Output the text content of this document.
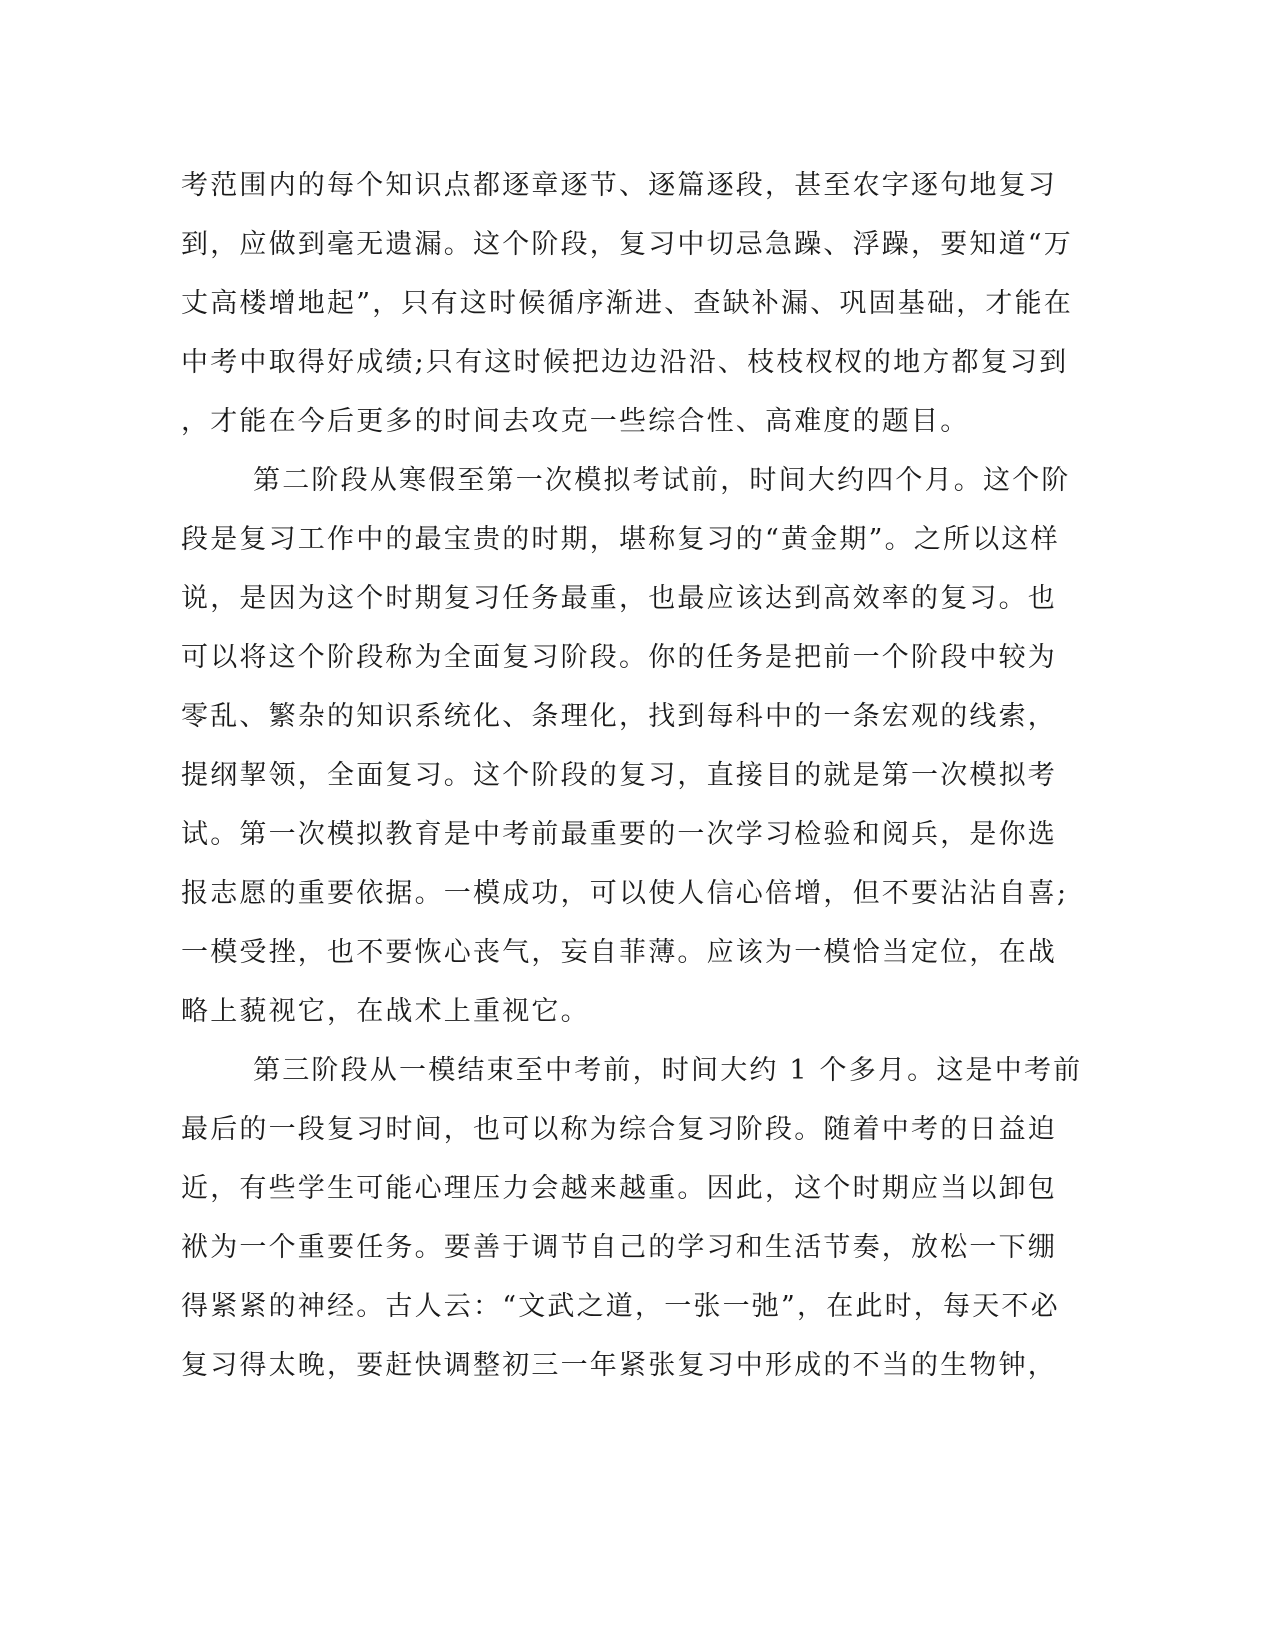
考范围内的每个知识点都逐章逐节、逐篇逐段，甚至农字逐句地复习
到，应做到毫无遗漏。这个阶段，复习中切忌急躁、浮躁，要知道“万
丈高楼增地起”，只有这时候循序渐进、查缺补漏、巩固基础，才能在
中考中取得好成绩;只有这时候把边边沿沿、枝枝杈杈的地方都复习到
，才能在今后更多的时间去攻克一些综合性、高难度的题目。
第二阶段从寒假至第一次模拟考试前，时间大约四个月。这个阶
段是复习工作中的最宝贵的时期，堪称复习的“黄金期”。之所以这样
说，是因为这个时期复习任务最重，也最应该达到高效率的复习。也
可以将这个阶段称为全面复习阶段。你的任务是把前一个阶段中较为
零乱、繁杂的知识系统化、条理化，找到每科中的一条宏观的线索，
提纲挈领，全面复习。这个阶段的复习，直接目的就是第一次模拟考
试。第一次模拟教育是中考前最重要的一次学习检验和阅兵，是你选
报志愿的重要依据。一模成功，可以使人信心倍增，但不要沾沾自喜;
一模受挫，也不要恢心丧气，妄自菲薄。应该为一模恰当定位，在战
略上藐视它，在战术上重视它。
第三阶段从一模结束至中考前，时间大约 1 个多月。这是中考前
最后的一段复习时间，也可以称为综合复习阶段。随着中考的日益迫
近，有些学生可能心理压力会越来越重。因此，这个时期应当以卸包
袱为一个重要任务。要善于调节自己的学习和生活节奏，放松一下绷
得紧紧的神经。古人云：“文武之道，一张一弛”，在此时，每天不必
复习得太晚，要赶快调整初三一年紧张复习中形成的不当的生物钟，
